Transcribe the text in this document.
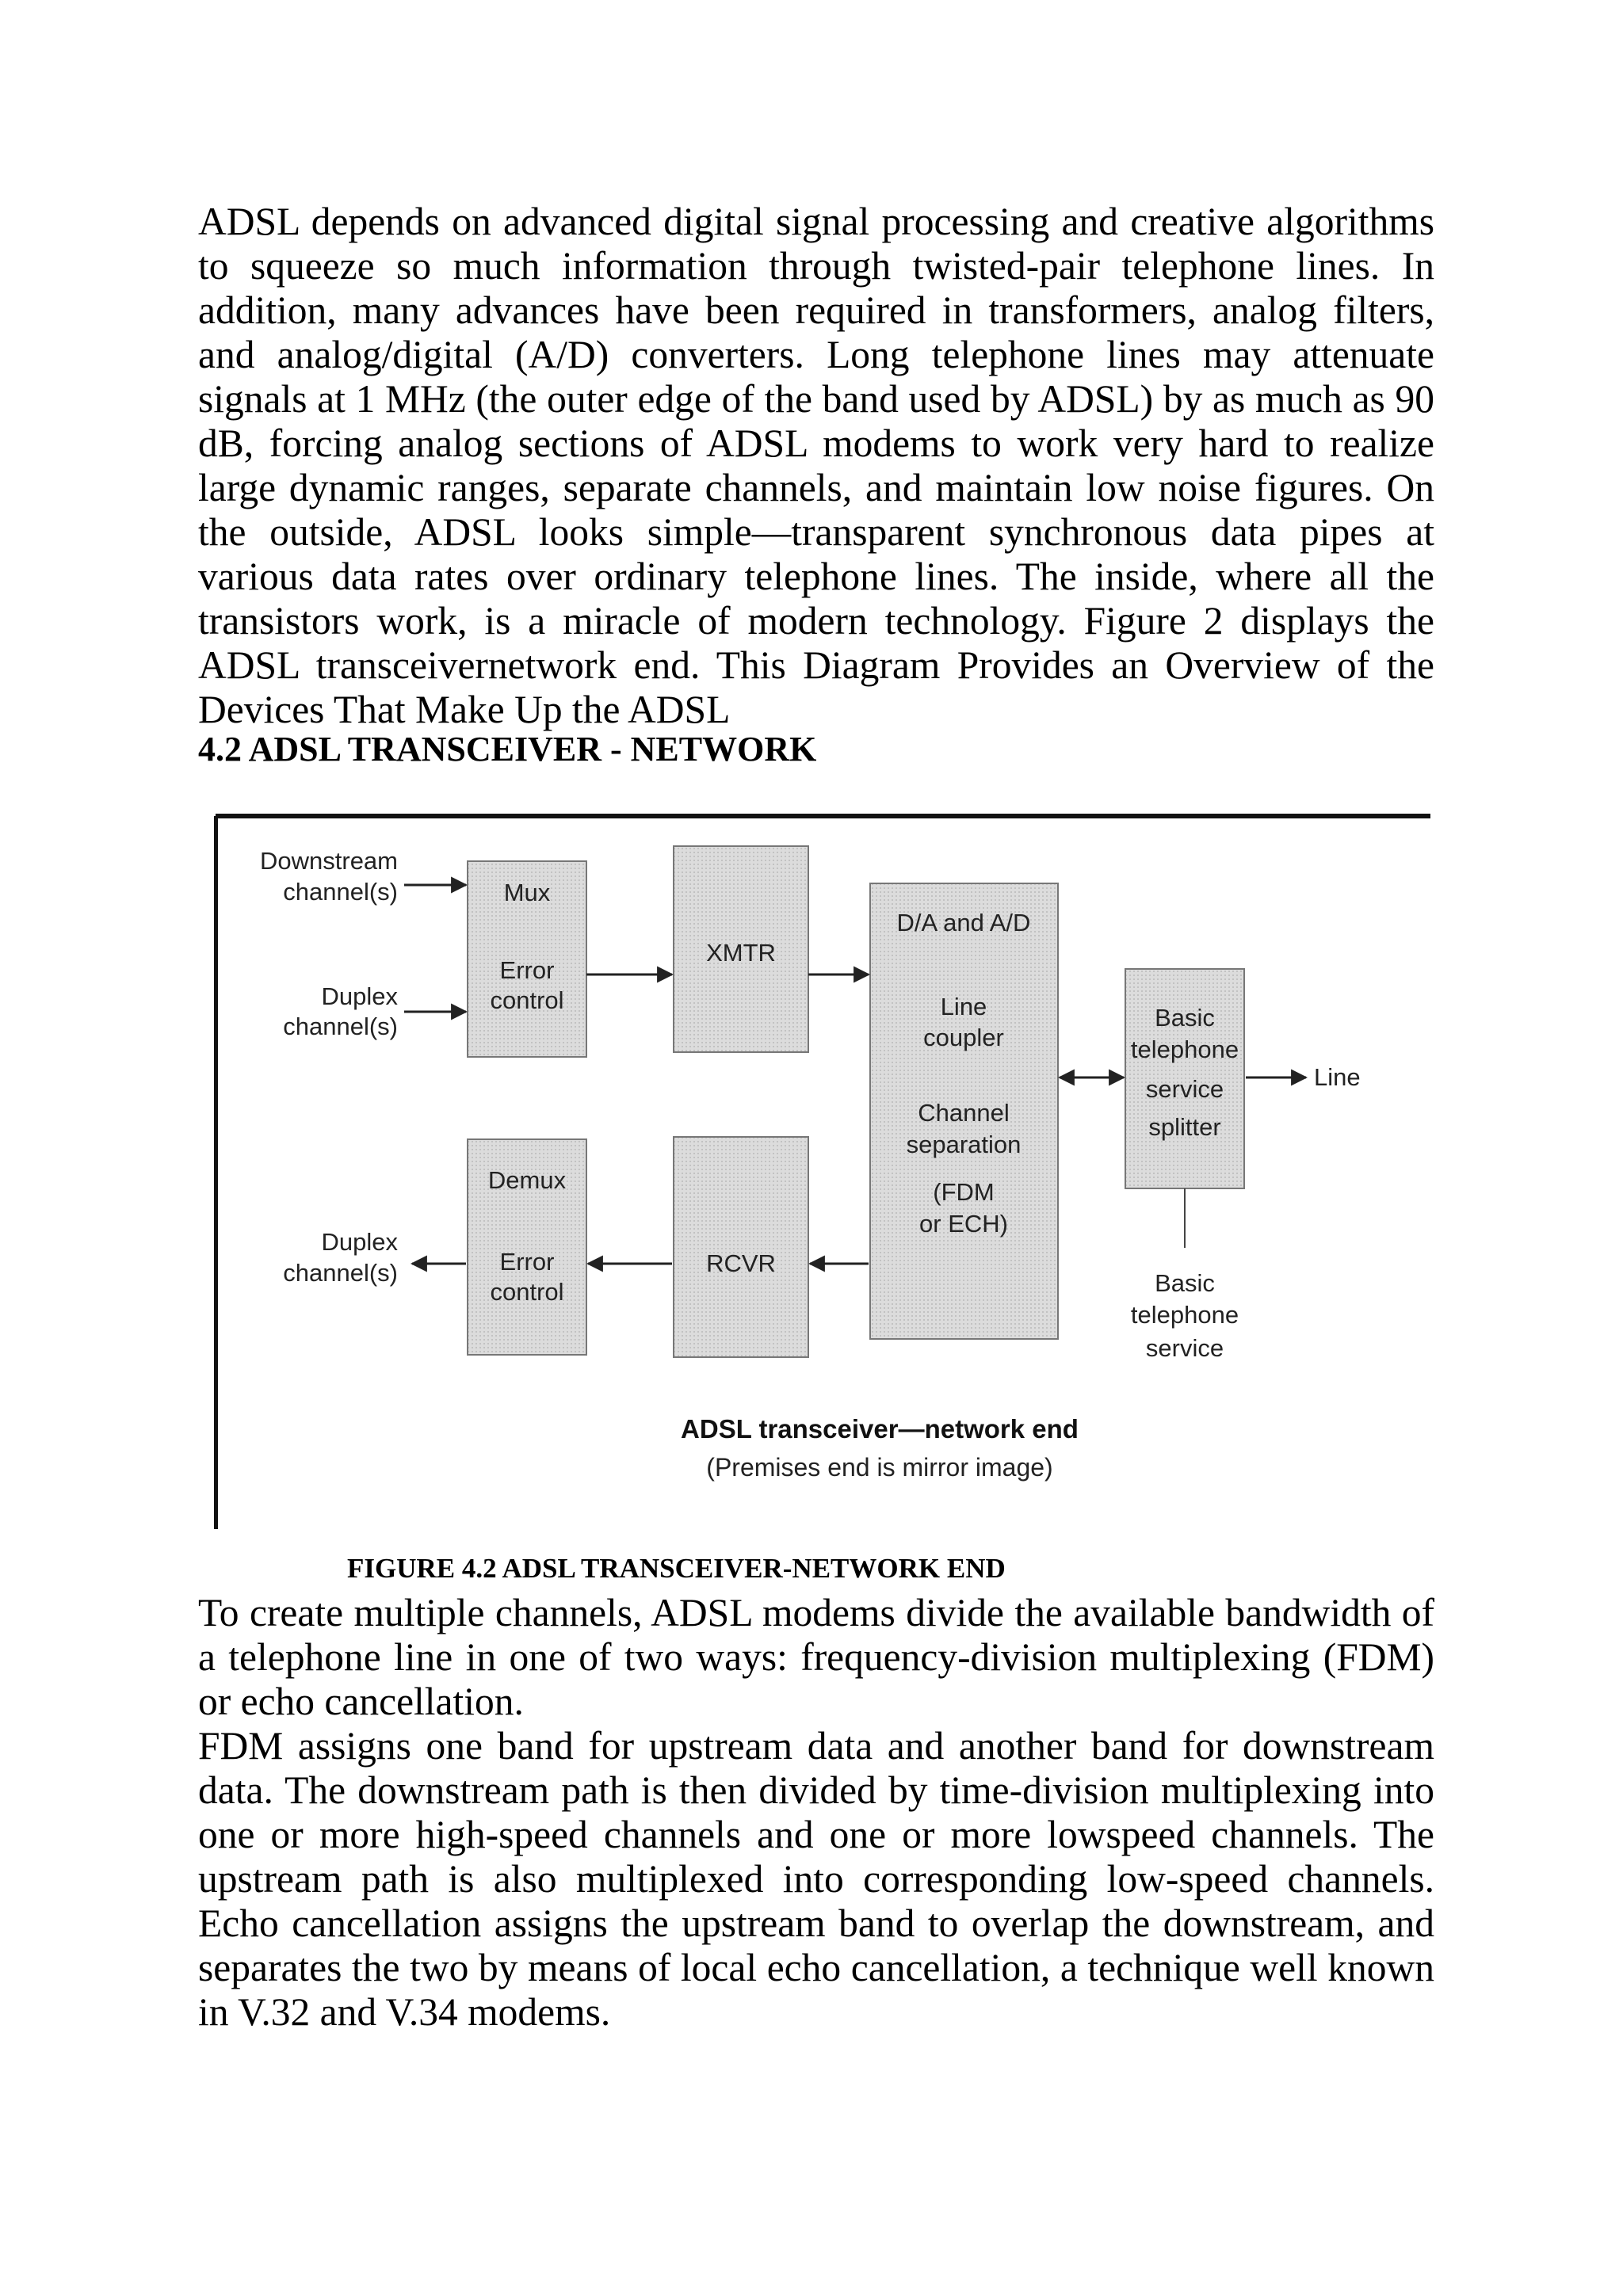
ADSL depends on advanced digital signal processing and creative algorithms to squeeze so much information through twisted-pair telephone lines. In addition, many advances have been required in transformers, analog filters, and analog/digital (A/D) converters. Long telephone lines may attenuate signals at 1 MHz (the outer edge of the band used by ADSL) by as much as 90 dB, forcing analog sections of ADSL modems to work very hard to realize large dynamic ranges, separate channels, and maintain low noise figures. On the outside, ADSL looks simple—transparent synchronous data pipes at various data rates over ordinary telephone lines. The inside, where all the transistors work, is a miracle of modern technology. Figure 2 displays the ADSL transceivernetwork end. This Diagram Provides an Overview of the Devices That Make Up the ADSL

4.2 ADSL TRANSCEIVER - NETWORK
Downstream
channel(s)
Duplex
channel(s)
Duplex
channel(s)
Mux
Error
control
XMTR
Demux
Error
control
RCVR
D/A and A/D
Line
coupler
Channel
separation
(FDM
or ECH)
Basic
telephone
service
splitter
Line
Basic
telephone
service
ADSL transceiver—network end
(Premises end is mirror image)

FIGURE 4.2 ADSL TRANSCEIVER-NETWORK END

To create multiple channels, ADSL modems divide the available bandwidth of a telephone line in one of two ways: frequency-division multiplexing (FDM) or echo cancellation.

FDM assigns one band for upstream data and another band for downstream data. The downstream path is then divided by time-division multiplexing into one or more high-speed channels and one or more lowspeed channels. The upstream path is also multiplexed into corresponding low-speed channels. Echo cancellation assigns the upstream band to overlap the downstream, and separates the two by means of local echo cancellation, a technique well known in V.32 and V.34 modems.
